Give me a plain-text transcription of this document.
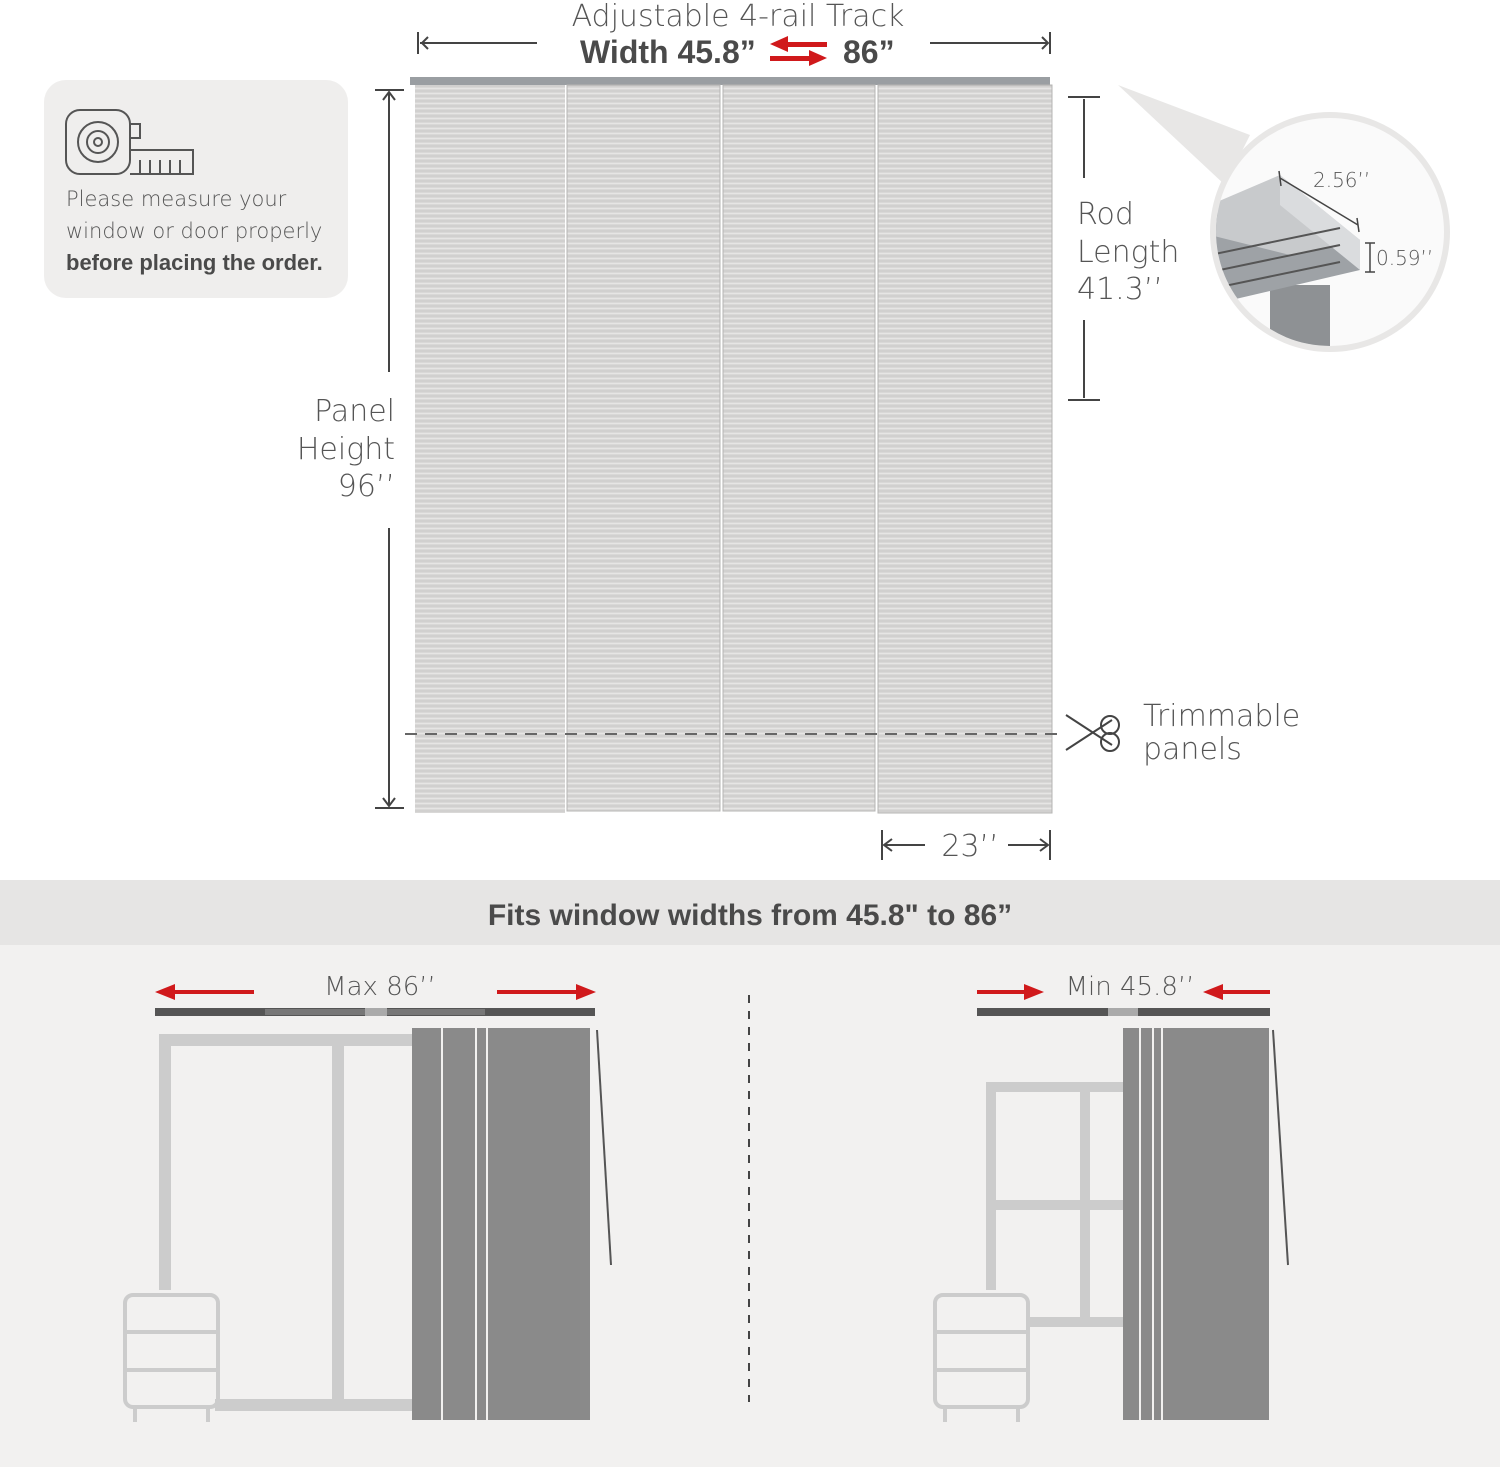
Adjustable 4-rail Track
Width 45.8”	86”
Please measure your
window or door properly
before placing the order.
Panel
Height
96’’
Rod
Length
41.3’’
2.56’’
0.59’’
Trimmable
panels
23’’
Fits window widths from 45.8" to 86”
Max 86’’	Min 45.8’’
